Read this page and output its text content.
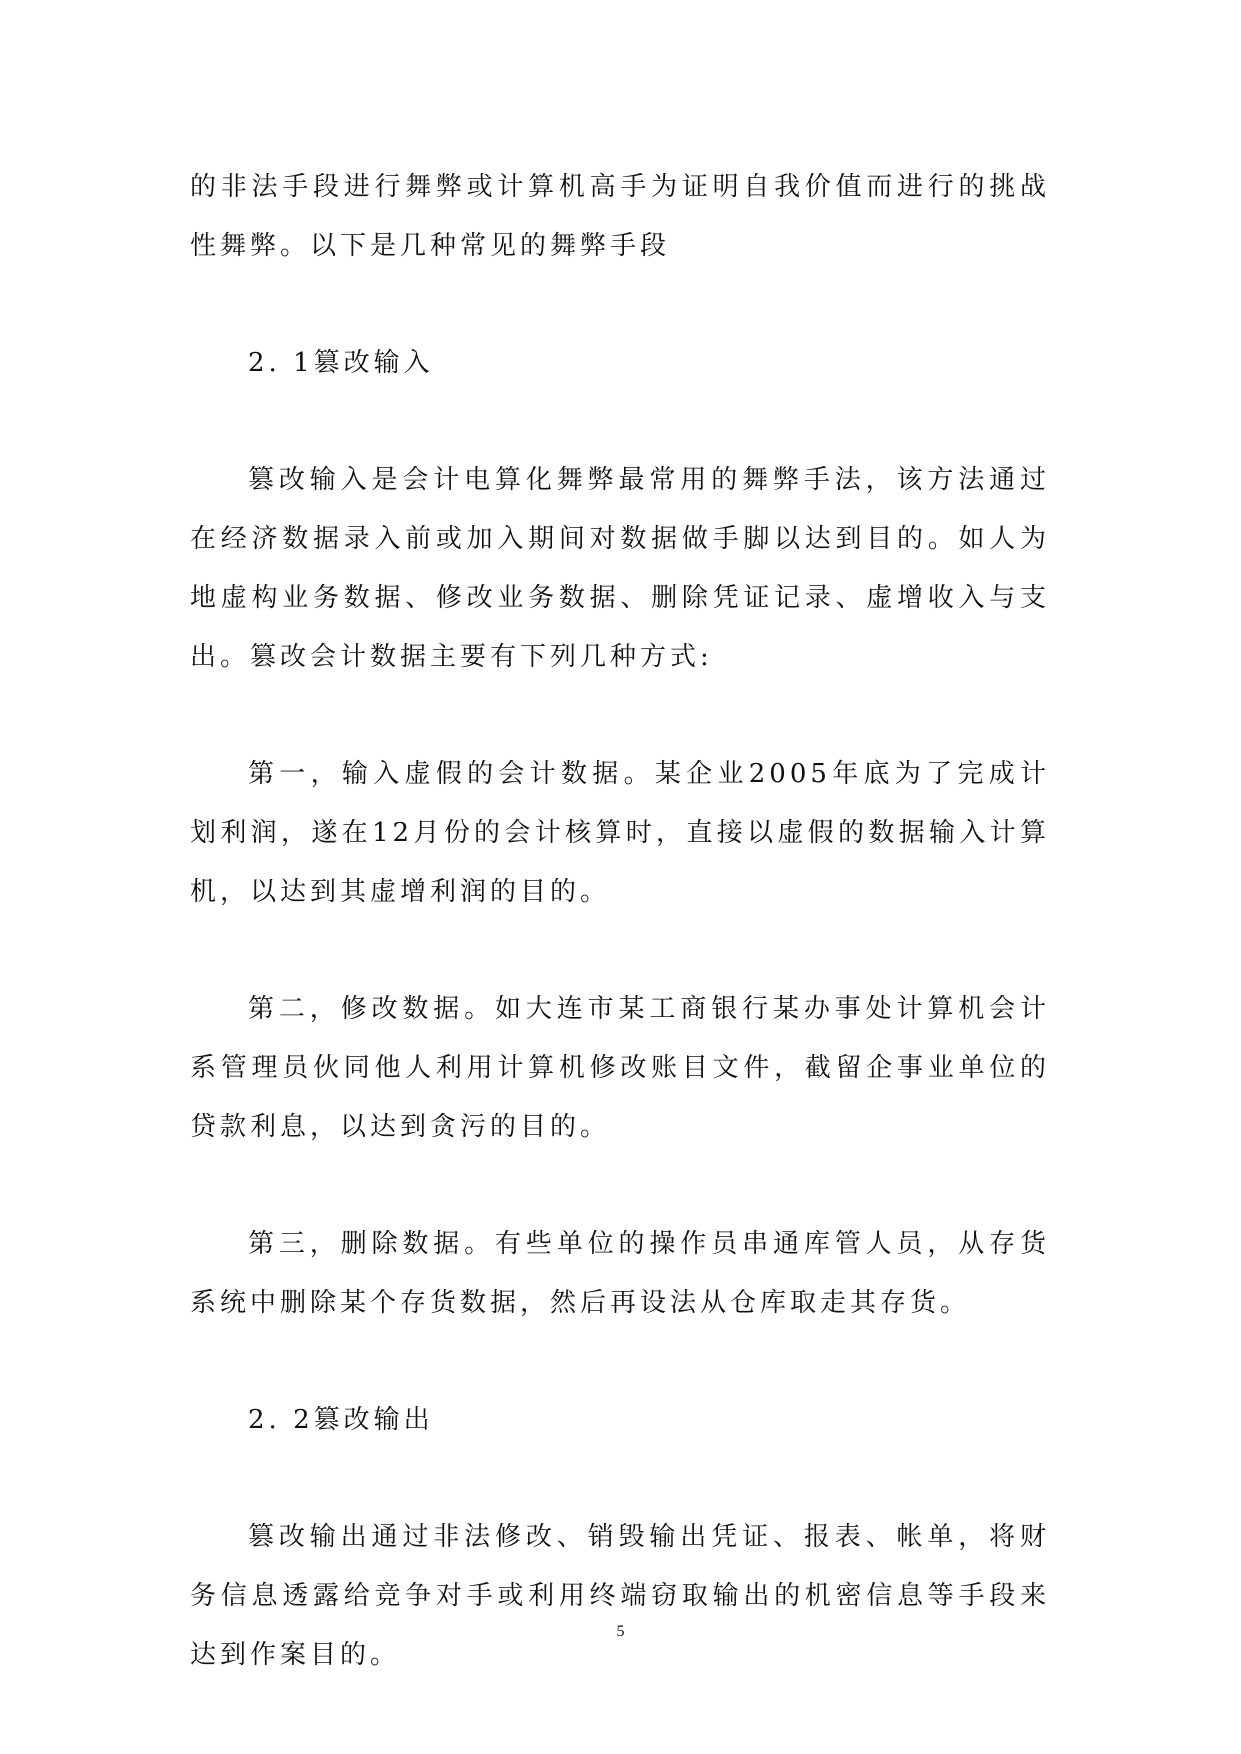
的非法手段进行舞弊或计算机高手为证明自我价值而进行的挑战性舞弊。以下是几种常见的舞弊手段

2. 1篡改输入

篡改输入是会计电算化舞弊最常用的舞弊手法，该方法通过在经济数据录入前或加入期间对数据做手脚以达到目的。如人为地虚构业务数据、修改业务数据、删除凭证记录、虚增收入与支出。篡改会计数据主要有下列几种方式:

第一，输入虚假的会计数据。某企业2005年底为了完成计划利润，遂在12月份的会计核算时，直接以虚假的数据输入计算机，以达到其虚增利润的目的。

第二，修改数据。如大连市某工商银行某办事处计算机会计系管理员伙同他人利用计算机修改账目文件，截留企事业单位的贷款利息，以达到贪污的目的。

第三，删除数据。有些单位的操作员串通库管人员，从存货系统中删除某个存货数据，然后再设法从仓库取走其存货。

2. 2篡改输出

篡改输出通过非法修改、销毁输出凭证、报表、帐单，将财务信息透露给竞争对手或利用终端窃取输出的机密信息等手段来达到作案目的。

5
